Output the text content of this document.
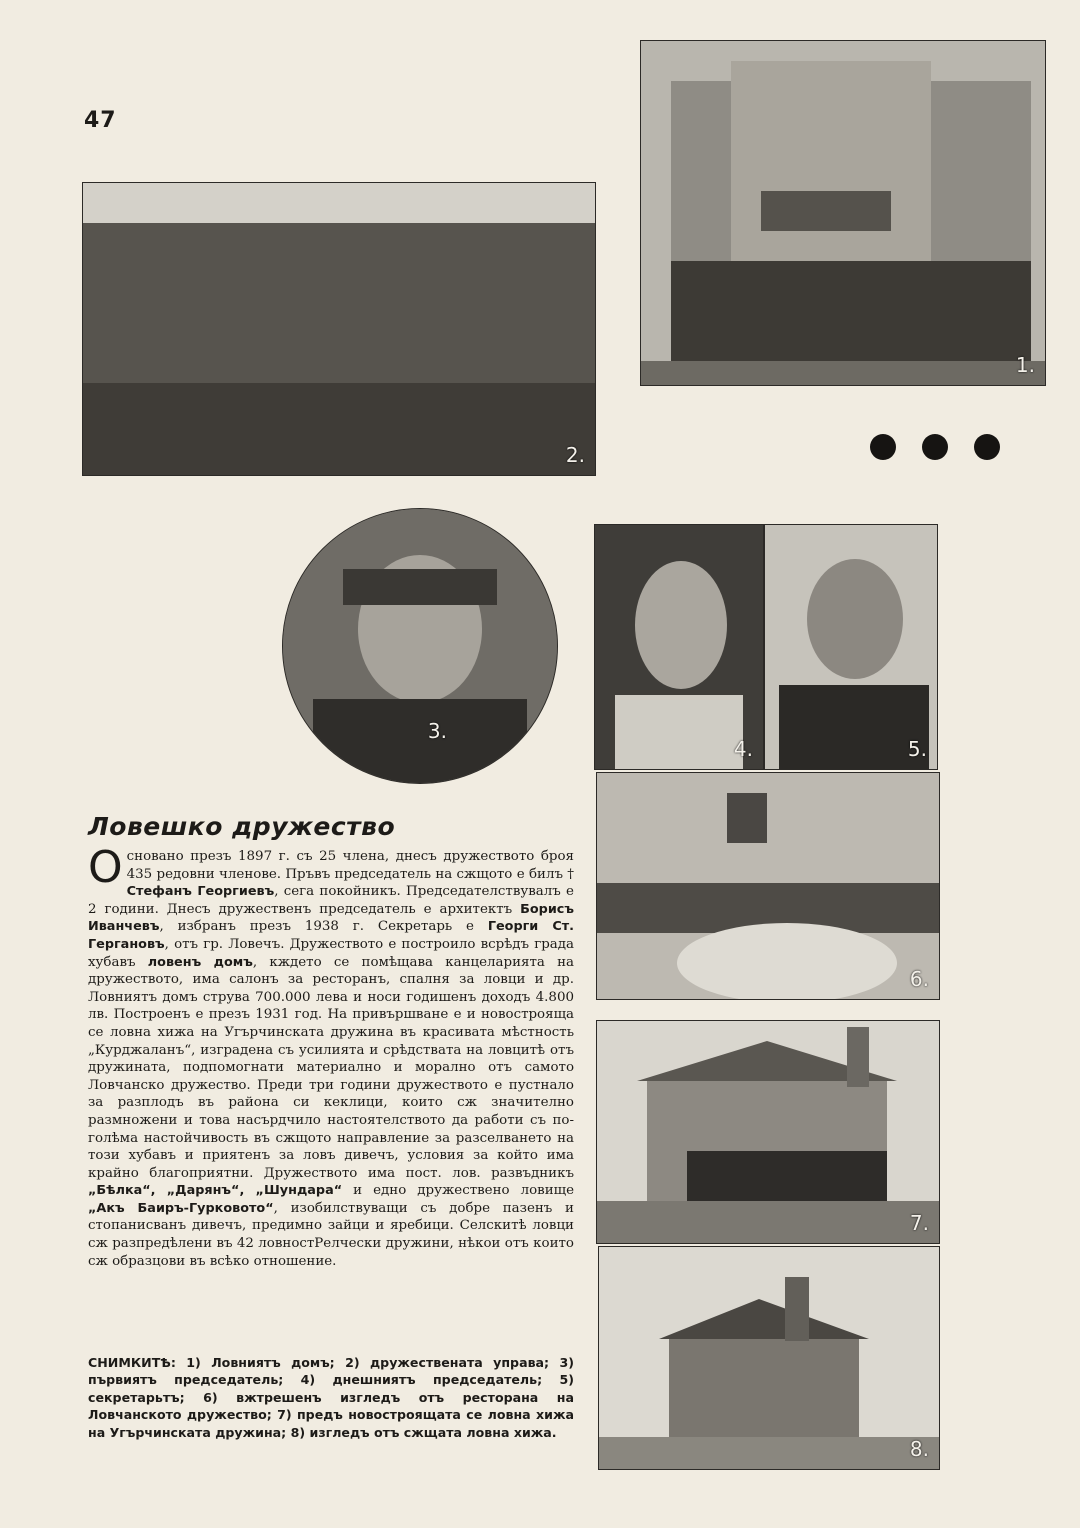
47
1.
2.
3.
4.	5.
6.
7.
8.
Ловешко дружество

Основано презъ 1897 г. съ 25 члена, днесъ дружеството броя 435 редовни членове. Пръвъ председатель на сжщото е билъ † Стефанъ Георгиевъ, сега покойникъ. Председателствувалъ е 2 години. Днесъ дружественъ председатель е архитектъ Борисъ Иванчевъ, избранъ презъ 1938 г. Секретарь е Георги Ст. Гергановъ, отъ гр. Ловечъ. Дружеството е построило всрѣдъ града хубавъ ловенъ домъ, кждето се помѣщава канцеларията на дружеството, има салонъ за ресторанъ, спалня за ловци и др. Ловниятъ домъ струва 700.000 лева и носи годишенъ доходъ 4.800 лв. Построенъ е презъ 1931 год. На привършване е и новострояща се ловна хижа на Угърчинската дружина въ красивата мѣстность „Курджаланъ“, изградена съ усилията и срѣдствата на ловцитѣ отъ дружината, подпомогнати материално и морално отъ самото Ловчанско дружество. Преди три години дружеството е пустнало за разплодъ въ района си кеклици, които сж значително размножени и това насърдчило настоятелството да работи съ по-голѣма настойчивость въ сжщото направление за разселването на този хубавъ и приятенъ за ловъ дивечъ, условия за който има крайно благоприятни. Дружеството има пост. лов. развъдникъ „Бѣлка“, „Дарянъ“, „Шундара“ и едно дружествено ловище „Акъ Баиръ-Гурковото“, изобилствуващи съ добре пазенъ и стопанисванъ дивечъ, предимно зайци и яребици. Селскитѣ ловци сж разпредѣлени въ 42 ловностРелчески дружини, нѣкои отъ които сж образцови въ всѣко отношение.

СНИМКИТѢ: 1) Ловниятъ домъ; 2) дружествената управа; 3) първиятъ председатель; 4) днешниятъ председатель; 5) секретарьтъ; 6) вжтрешенъ изгледъ отъ ресторана на Ловчанското дружество; 7) предъ новостроящата се ловна хижа на Угърчинската дружина; 8) изгледъ отъ сжщата ловна хижа.
